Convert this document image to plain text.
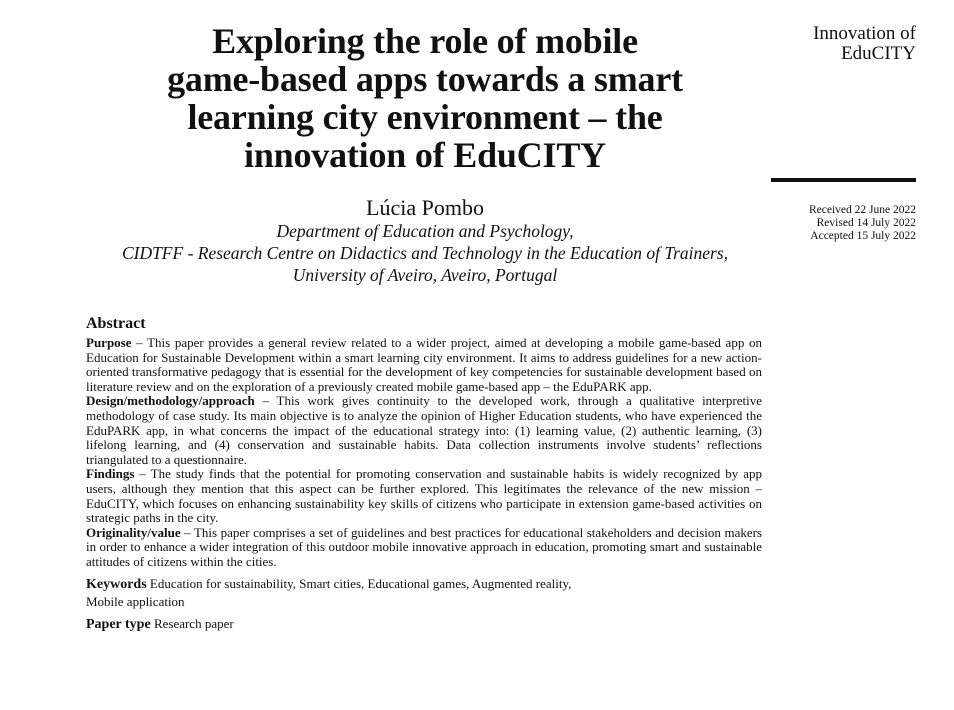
Exploring the role of mobile
game-based apps towards a smart
learning city environment – the
innovation of EduCITY
Lúcia Pombo
Department of Education and Psychology,
CIDTFF - Research Centre on Didactics and Technology in the Education of Trainers,
University of Aveiro, Aveiro, Portugal
Innovation of
EduCITY
Received 22 June 2022
Revised 14 July 2022
Accepted 15 July 2022
Abstract

Purpose – This paper provides a general review related to a wider project, aimed at developing a mobile game-based app on Education for Sustainable Development within a smart learning city environment. It aims to address guidelines for a new action-oriented transformative pedagogy that is essential for the development of key competencies for sustainable development based on literature review and on the exploration of a previously created mobile game-based app – the EduPARK app.

Design/methodology/approach – This work gives continuity to the developed work, through a qualitative interpretive methodology of case study. Its main objective is to analyze the opinion of Higher Education students, who have experienced the EduPARK app, in what concerns the impact of the educational strategy into: (1) learning value, (2) authentic learning, (3) lifelong learning, and (4) conservation and sustainable habits. Data collection instruments involve students’ reflections triangulated to a questionnaire.

Findings – The study finds that the potential for promoting conservation and sustainable habits is widely recognized by app users, although they mention that this aspect can be further explored. This legitimates the relevance of the new mission – EduCITY, which focuses on enhancing sustainability key skills of citizens who participate in extension game-based activities on strategic paths in the city.

Originality/value – This paper comprises a set of guidelines and best practices for educational stakeholders and decision makers in order to enhance a wider integration of this outdoor mobile innovative approach in education, promoting smart and sustainable attitudes of citizens within the cities.

Keywords Education for sustainability, Smart cities, Educational games, Augmented reality,
Mobile application
Paper type Research paper
